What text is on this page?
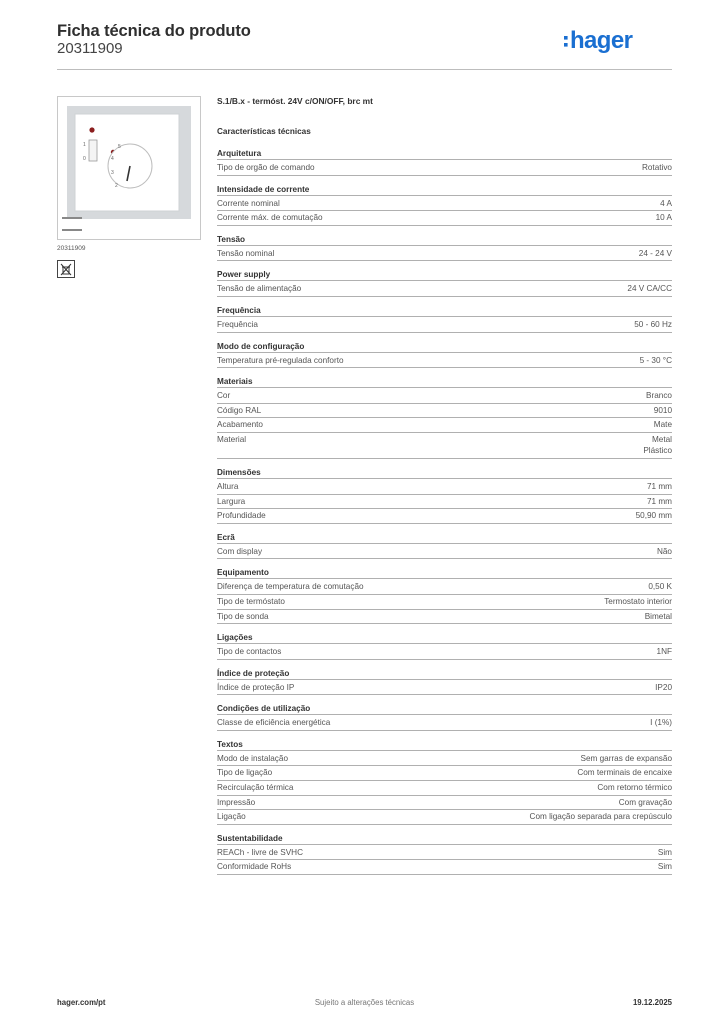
Ficha técnica do produto
20311909	hager
1
0
5
4
3
2
20311909
S.1/B.x - termóst. 24V c/ON/OFF, brc mt
Características técnicas
Arquitetura
Tipo de orgão de comando	Rotativo
Intensidade de corrente
Corrente nominal	4 A
Corrente máx. de comutação	10 A
Tensão
Tensão nominal	24 - 24 V
Power supply
Tensão de alimentação	24 V CA/CC
Frequência
Frequência	50 - 60 Hz
Modo de configuração
Temperatura pré-regulada conforto	5 - 30 °C
Materiais
Cor	Branco
Código RAL	9010
Acabamento	Mate
Material	Metal
Plástico
Dimensões
Altura	71 mm
Largura	71 mm
Profundidade	50,90 mm
Ecrã
Com display	Não
Equipamento
Diferença de temperatura de comutação	0,50 K
Tipo de termóstato	Termostato interior
Tipo de sonda	Bimetal
Ligações
Tipo de contactos	1NF
Índice de proteção
Índice de proteção IP	IP20
Condições de utilização
Classe de eficiência energética	I (1%)
Textos
Modo de instalação	Sem garras de expansão
Tipo de ligação	Com terminais de encaixe
Recirculação térmica	Com retorno térmico
Impressão	Com gravação
Ligação	Com ligação separada para crepúsculo
Sustentabilidade
REACh - livre de SVHC	Sim
Conformidade RoHs	Sim
hager.com/pt	Sujeito a alterações técnicas	19.12.2025
